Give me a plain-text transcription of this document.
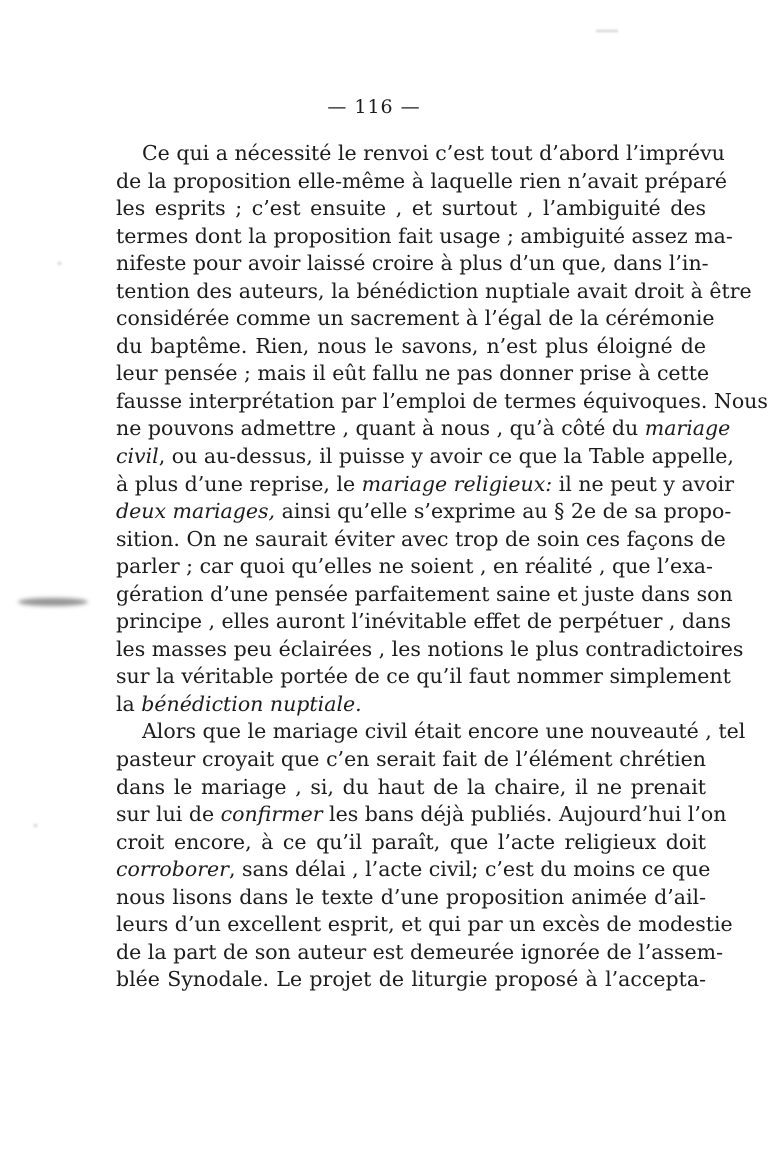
— 116 —
Ce qui a nécessité le renvoi c’est tout d’abord l’imprévu
de la proposition elle-même à laquelle rien n’avait préparé
les esprits ; c’est ensuite , et surtout , l’ambiguité des
termes dont la proposition fait usage ; ambiguité assez ma-
nifeste pour avoir laissé croire à plus d’un que, dans l’in-
tention des auteurs, la bénédiction nuptiale avait droit à être
considérée comme un sacrement à l’égal de la cérémonie
du baptême. Rien, nous le savons, n’est plus éloigné de
leur pensée ; mais il eût fallu ne pas donner prise à cette
fausse interprétation par l’emploi de termes équivoques. Nous
ne pouvons admettre , quant à nous , qu’à côté du mariage
civil, ou au-dessus, il puisse y avoir ce que la Table appelle,
à plus d’une reprise, le mariage religieux: il ne peut y avoir
deux mariages, ainsi qu’elle s’exprime au § 2e de sa propo-
sition. On ne saurait éviter avec trop de soin ces façons de
parler ; car quoi qu’elles ne soient , en réalité , que l’exa-
gération d’une pensée parfaitement saine et juste dans son
principe , elles auront l’inévitable effet de perpétuer , dans
les masses peu éclairées , les notions le plus contradictoires
sur la véritable portée de ce qu’il faut nommer simplement
la bénédiction nuptiale.
Alors que le mariage civil était encore une nouveauté , tel
pasteur croyait que c’en serait fait de l’élément chrétien
dans le mariage , si, du haut de la chaire, il ne prenait
sur lui de confirmer les bans déjà publiés. Aujourd’hui l’on
croit encore, à ce qu’il paraît, que l’acte religieux doit
corroborer, sans délai , l’acte civil; c’est du moins ce que
nous lisons dans le texte d’une proposition animée d’ail-
leurs d’un excellent esprit, et qui par un excès de modestie
de la part de son auteur est demeurée ignorée de l’assem-
blée Synodale. Le projet de liturgie proposé à l’accepta-
